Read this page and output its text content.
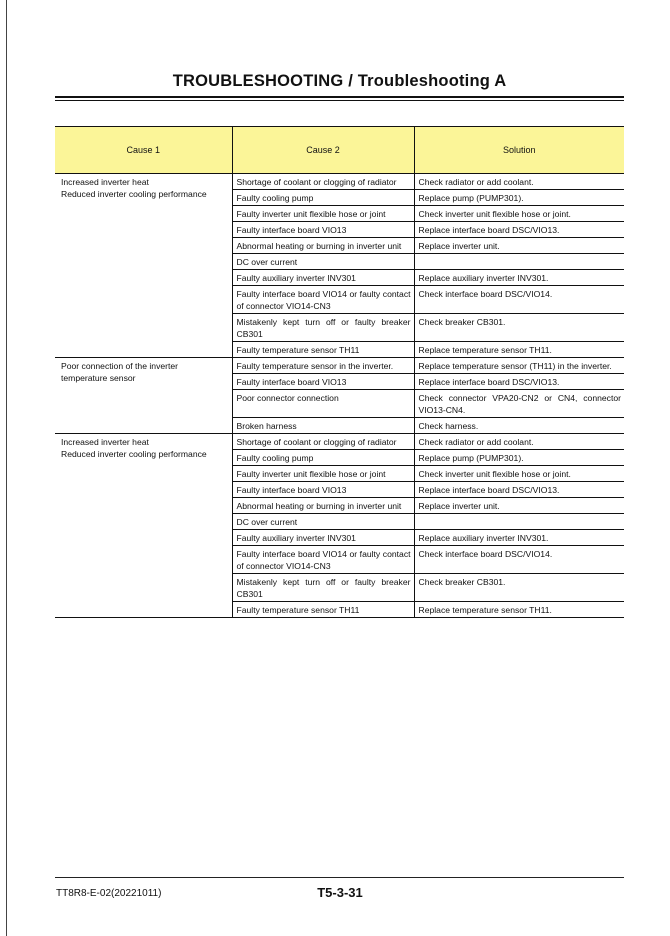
TROUBLESHOOTING / Troubleshooting A
Cause 1	Cause 2	Solution

Increased inverter heat
Reduced inverter cooling performance	Shortage of coolant or clogging of radiator	Check radiator or add coolant.
	Faulty cooling pump	Replace pump (PUMP301).
	Faulty inverter unit flexible hose or joint	Check inverter unit flexible hose or joint.
	Faulty interface board VIO13	Replace interface board DSC/VIO13.
	Abnormal heating or burning in inverter unit	Replace inverter unit.
	DC over current	
	Faulty auxiliary inverter INV301	Replace auxiliary inverter INV301.
	Faulty interface board VIO14 or faulty contact of connector VIO14-CN3	Check interface board DSC/VIO14.
	Mistakenly kept turn off or faulty breaker CB301	Check breaker CB301.
	Faulty temperature sensor TH11	Replace temperature sensor TH11.

Poor connection of the inverter
temperature sensor	Faulty temperature sensor in the inverter.	Replace temperature sensor (TH11) in the inverter.
	Faulty interface board VIO13	Replace interface board DSC/VIO13.
	Poor connector connection	Check connector VPA20-CN2 or CN4, connector VIO13-CN4.
	Broken harness	Check harness.

Increased inverter heat
Reduced inverter cooling performance	Shortage of coolant or clogging of radiator	Check radiator or add coolant.
	Faulty cooling pump	Replace pump (PUMP301).
	Faulty inverter unit flexible hose or joint	Check inverter unit flexible hose or joint.
	Faulty interface board VIO13	Replace interface board DSC/VIO13.
	Abnormal heating or burning in inverter unit	Replace inverter unit.
	DC over current	
	Faulty auxiliary inverter INV301	Replace auxiliary inverter INV301.
	Faulty interface board VIO14 or faulty contact of connector VIO14-CN3	Check interface board DSC/VIO14.
	Mistakenly kept turn off or faulty breaker CB301	Check breaker CB301.
	Faulty temperature sensor TH11	Replace temperature sensor TH11.
TT8R8-E-02(20221011)	T5-3-31
